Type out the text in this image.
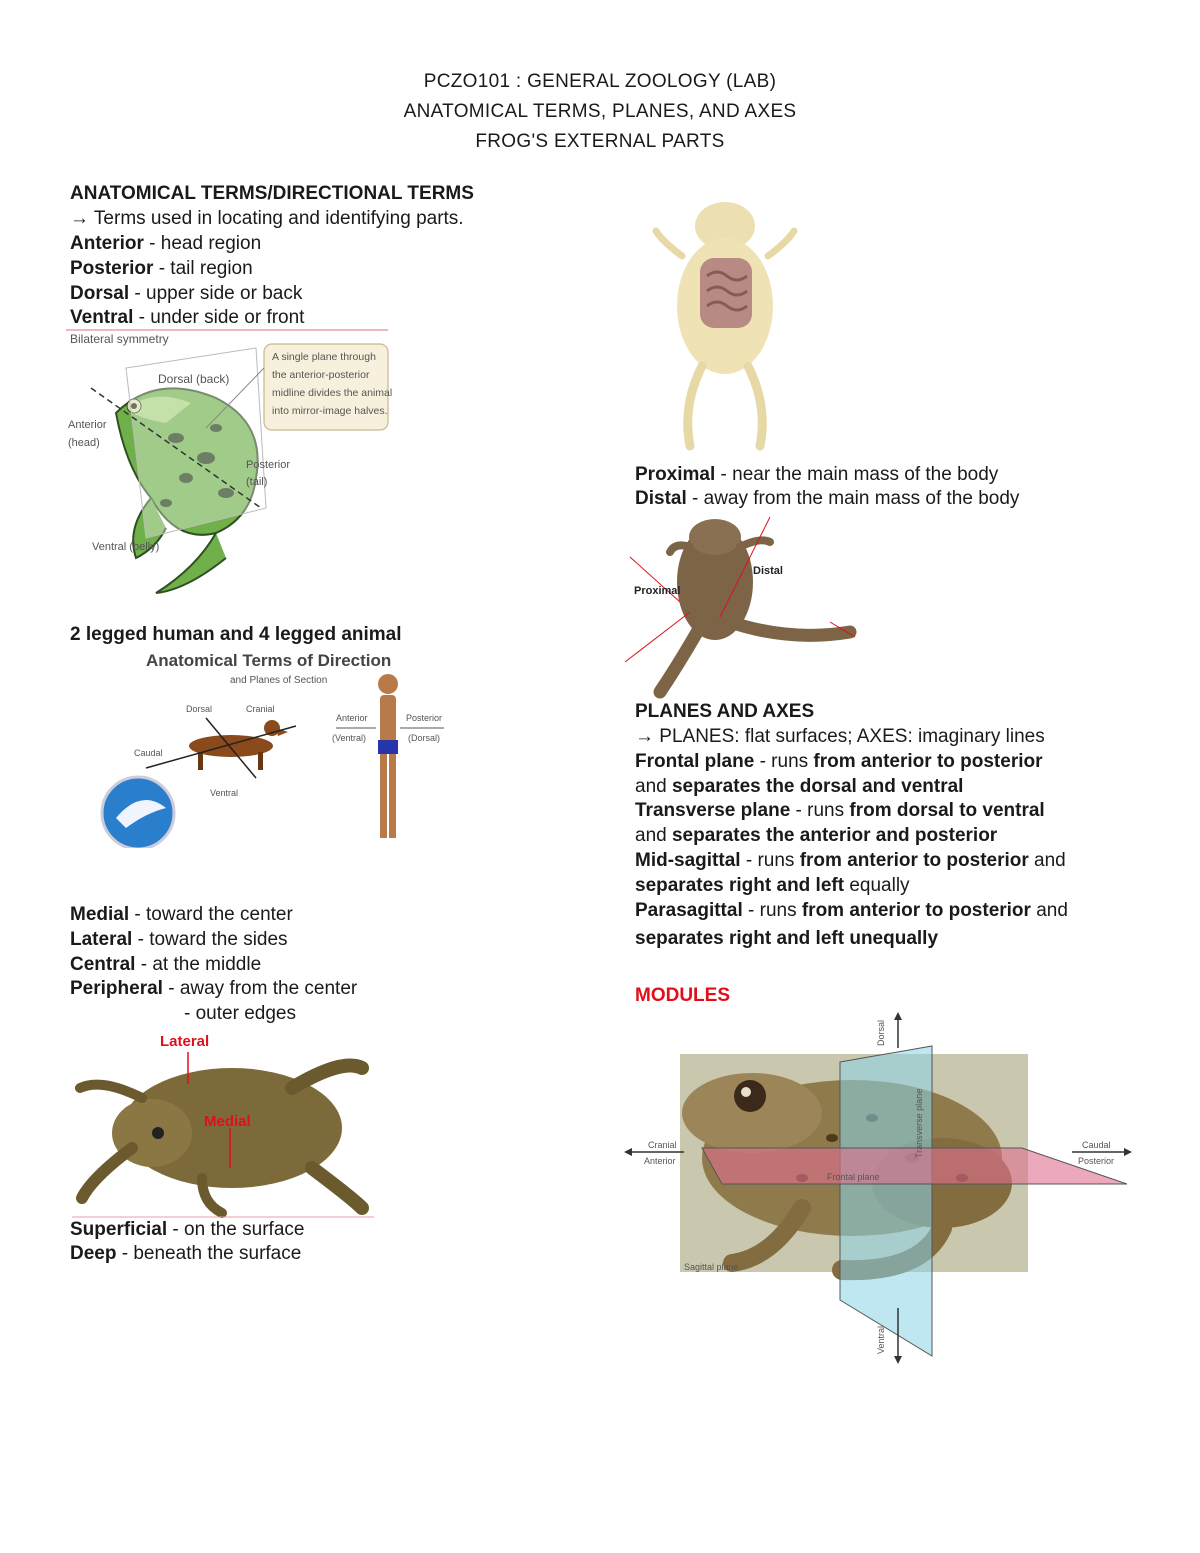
PCZO101 : GENERAL ZOOLOGY (LAB)
ANATOMICAL TERMS, PLANES, AND AXES
FROG'S EXTERNAL PARTS
ANATOMICAL TERMS/DIRECTIONAL TERMS
→ Terms used in locating and identifying parts.
Anterior - head region
Posterior - tail region
Dorsal - upper side or back
Ventral - under side or front
Bilateral symmetry
Dorsal (back)
Anterior
(head)
Posterior
(tail)
Ventral (belly)
A single plane through
the anterior-posterior
midline divides the animal
into mirror-image halves.
2 legged human and 4 legged animal
Anatomical Terms of Direction
and Planes of Section
Dorsal	Cranial
Caudal
Ventral
Anterior
(Ventral)
Posterior
(Dorsal)
Medial - toward the center
Lateral - toward the sides
Central - at the middle
Peripheral - away from the center
- outer edges
Lateral
Medial
Superficial - on the surface
Deep - beneath the surface
Proximal - near the main mass of the body
Distal - away from the main mass of the body
Distal
Proximal
PLANES AND AXES
→ PLANES: flat surfaces; AXES: imaginary lines
Frontal plane - runs from anterior to posterior
and separates the dorsal and ventral
Transverse plane - runs from dorsal to ventral
and separates the anterior and posterior
Mid-sagittal - runs from anterior to posterior and
separates right and left equally
Parasagittal - runs from anterior to posterior and
separates right and left unequally
MODULES
Dorsal
Ventral
Cranial
Anterior
Caudal
Posterior
Frontal plane
Transverse plane
Sagittal plane
